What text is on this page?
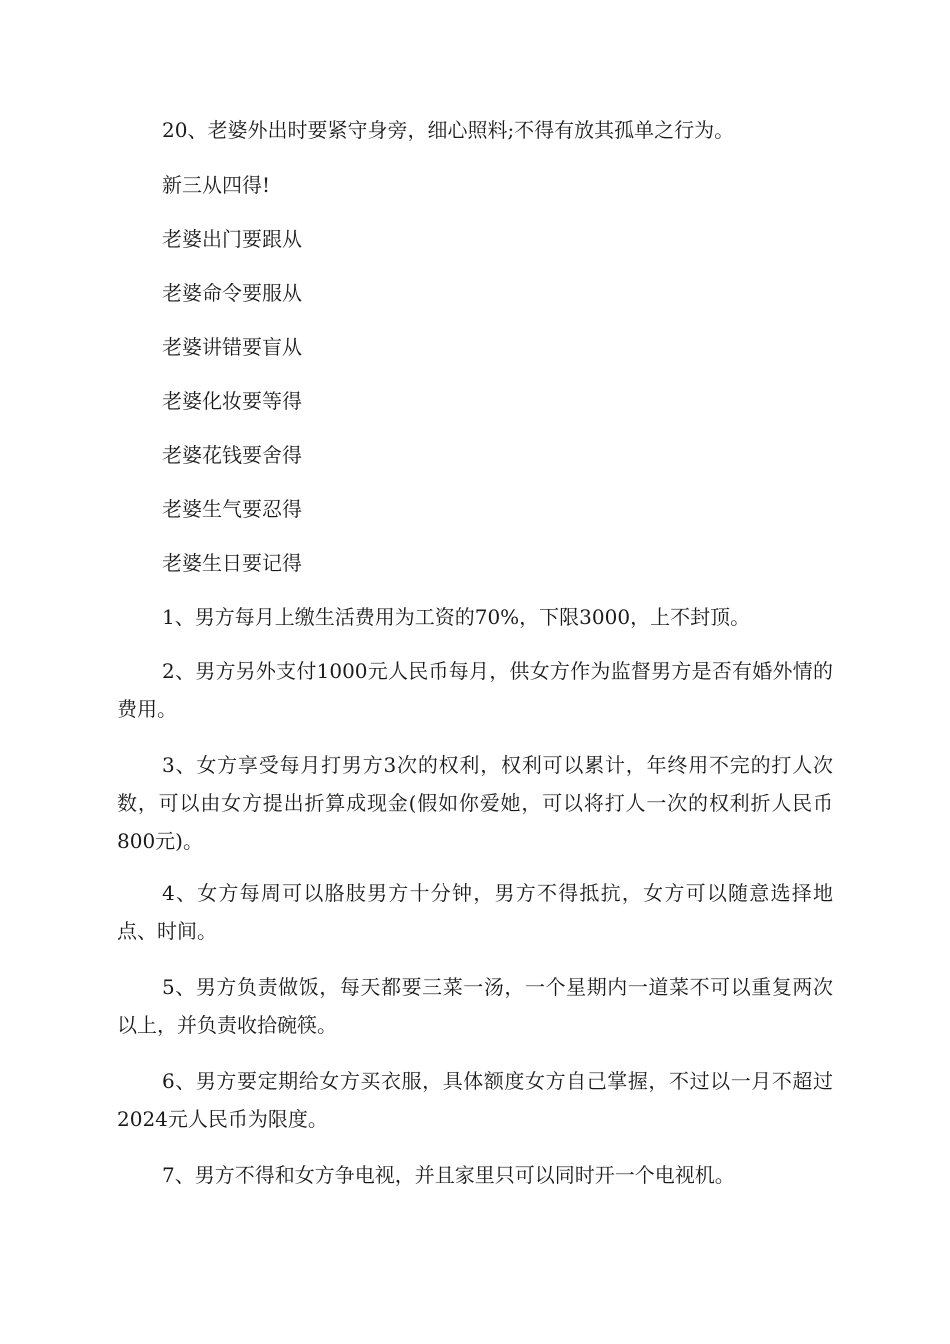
20、老婆外出时要紧守身旁，细心照料;不得有放其孤单之行为。
新三从四得!
老婆出门要跟从
老婆命令要服从
老婆讲错要盲从
老婆化妆要等得
老婆花钱要舍得
老婆生气要忍得
老婆生日要记得
1、男方每月上缴生活费用为工资的70%，下限3000，上不封顶。
2、男方另外支付1000元人民币每月，供女方作为监督男方是否有婚外情的费用。
3、女方享受每月打男方3次的权利，权利可以累计，年终用不完的打人次数，可以由女方提出折算成现金(假如你爱她，可以将打人一次的权利折人民币800元)。
4、女方每周可以胳肢男方十分钟，男方不得抵抗，女方可以随意选择地点、时间。
5、男方负责做饭，每天都要三菜一汤，一个星期内一道菜不可以重复两次以上，并负责收拾碗筷。
6、男方要定期给女方买衣服，具体额度女方自己掌握，不过以一月不超过2024元人民币为限度。
7、男方不得和女方争电视，并且家里只可以同时开一个电视机。
